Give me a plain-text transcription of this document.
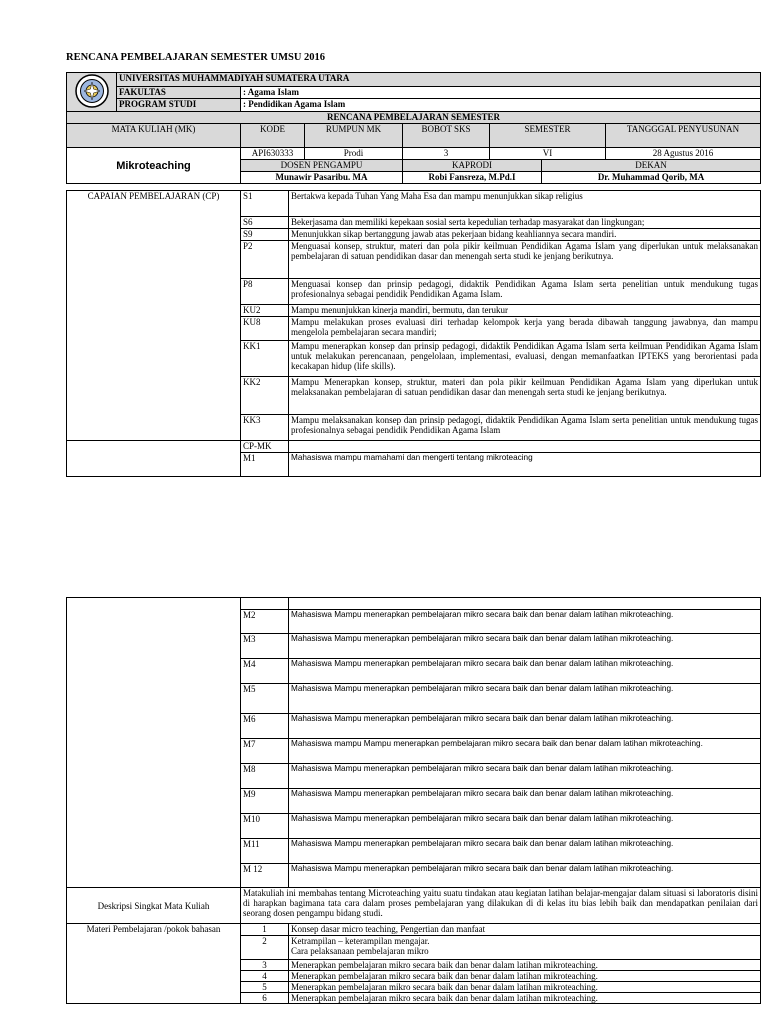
RENCANA PEMBELAJARAN SEMESTER UMSU 2016
	UNIVERSITAS MUHAMMADIYAH SUMATERA UTARA						
	FAKULTAS	: Agama Islam					
	PROGRAM STUDI	: Pendidikan Agama Islam					
RENCANA PEMBELAJARAN SEMESTER							
MATA KULIAH (MK)		KODE	RUMPUN MK	BOBOT SKS	SEMESTER		TANGGGAL PENYUSUNAN
Mikroteaching		API630333	Prodi	3	VI		28 Agustus 2016
		DOSEN PENGAMPU		KAPRODI		DEKAN	
		Munawir Pasaribu. MA		Robi Fansreza, M.Pd.I		Dr. Muhammad Qorib, MA	
CAPAIAN PEMBELAJARAN (CP)	S1	Bertakwa kepada Tuhan Yang Maha Esa dan mampu menunjukkan sikap religius
	S6	Bekerjasama dan memiliki kepekaan sosial serta kepedulian terhadap masyarakat dan lingkungan;
	S9	Menunjukkan sikap bertanggung jawab atas pekerjaan bidang keahliannya secara mandiri.
	P2	Menguasai konsep, struktur, materi dan pola pikir keilmuan Pendidikan Agama Islam yang diperlukan untuk melaksanakan pembelajaran di satuan pendidikan dasar dan menengah serta studi ke jenjang berikutnya.
	P8	Menguasai konsep dan prinsip pedagogi, didaktik Pendidikan Agama Islam serta penelitian untuk mendukung tugas profesionalnya sebagai pendidik Pendidikan Agama Islam.
	KU2	Mampu menunjukkan kinerja mandiri, bermutu, dan terukur
	KU8	Mampu melakukan proses evaluasi diri terhadap kelompok kerja yang berada dibawah tanggung jawabnya, dan mampu mengelola pembelajaran secara mandiri;
	KK1	Mampu menerapkan konsep dan prinsip pedagogi, didaktik Pendidikan Agama Islam serta keilmuan Pendidikan Agama Islam untuk melakukan perencanaan, pengelolaan, implementasi, evaluasi, dengan memanfaatkan IPTEKS yang berorientasi pada kecakapan hidup (life skills).
	KK2	Mampu Menerapkan konsep, struktur, materi dan pola pikir keilmuan Pendidikan Agama Islam yang diperlukan untuk melaksanakan pembelajaran di satuan pendidikan dasar dan menengah serta studi ke jenjang berikutnya.
	KK3	Mampu melaksanakan konsep dan prinsip pedagogi, didaktik Pendidikan Agama Islam serta penelitian untuk mendukung tugas profesionalnya sebagai pendidik Pendidikan Agama Islam
	CP-MK	
	M1	Mahasiswa mampu mamahami dan mengerti tentang mikroteacing

	M2	Mahasiswa Mampu menerapkan pembelajaran mikro secara baik dan benar dalam latihan mikroteaching.
	M3	Mahasiswa Mampu menerapkan pembelajaran mikro secara baik dan benar dalam latihan mikroteaching.
	M4	Mahasiswa Mampu menerapkan pembelajaran mikro secara baik dan benar dalam latihan mikroteaching.
	M5	Mahasiswa Mampu menerapkan pembelajaran mikro secara baik dan benar dalam latihan mikroteaching.
	M6	Mahasiswa Mampu menerapkan pembelajaran mikro secara baik dan benar dalam latihan mikroteaching.
	M7	Mahasiswa mampu Mampu menerapkan pembelajaran mikro secara baik dan benar dalam latihan mikroteaching.
	M8	Mahasiswa Mampu menerapkan pembelajaran mikro secara baik dan benar dalam latihan mikroteaching.
	M9	Mahasiswa Mampu menerapkan pembelajaran mikro secara baik dan benar dalam latihan mikroteaching.
	M10	Mahasiswa Mampu menerapkan pembelajaran mikro secara baik dan benar dalam latihan mikroteaching.
	M11	Mahasiswa Mampu menerapkan pembelajaran mikro secara baik dan benar dalam latihan mikroteaching.
	M 12	Mahasiswa Mampu menerapkan pembelajaran mikro secara baik dan benar dalam latihan mikroteaching.
Deskripsi Singkat Mata Kuliah	Matakuliah ini membahas tentang Microteaching yaitu suatu tindakan atau kegiatan latihan belajar-mengajar dalam situasi si laboratoris disini di harapkan bagimana tata cara dalam proses pembelajaran yang dilakukan di di kelas itu bias lebih baik dan mendapatkan penilaian dari seorang dosen pengampu bidang studi.	
Materi Pembelajaran /pokok bahasan	1	Konsep dasar micro teaching, Pengertian dan manfaat
	2	Ketrampilan – keterampilan mengajar.
Cara pelaksanaan pembelajaran mikro

	3	Menerapkan pembelajaran mikro secara baik dan benar dalam latihan mikroteaching.
	4	Menerapkan pembelajaran mikro secara baik dan benar dalam latihan mikroteaching.
	5	Menerapkan pembelajaran mikro secara baik dan benar dalam latihan mikroteaching.
	6	Menerapkan pembelajaran mikro secara baik dan benar dalam latihan mikroteaching.
